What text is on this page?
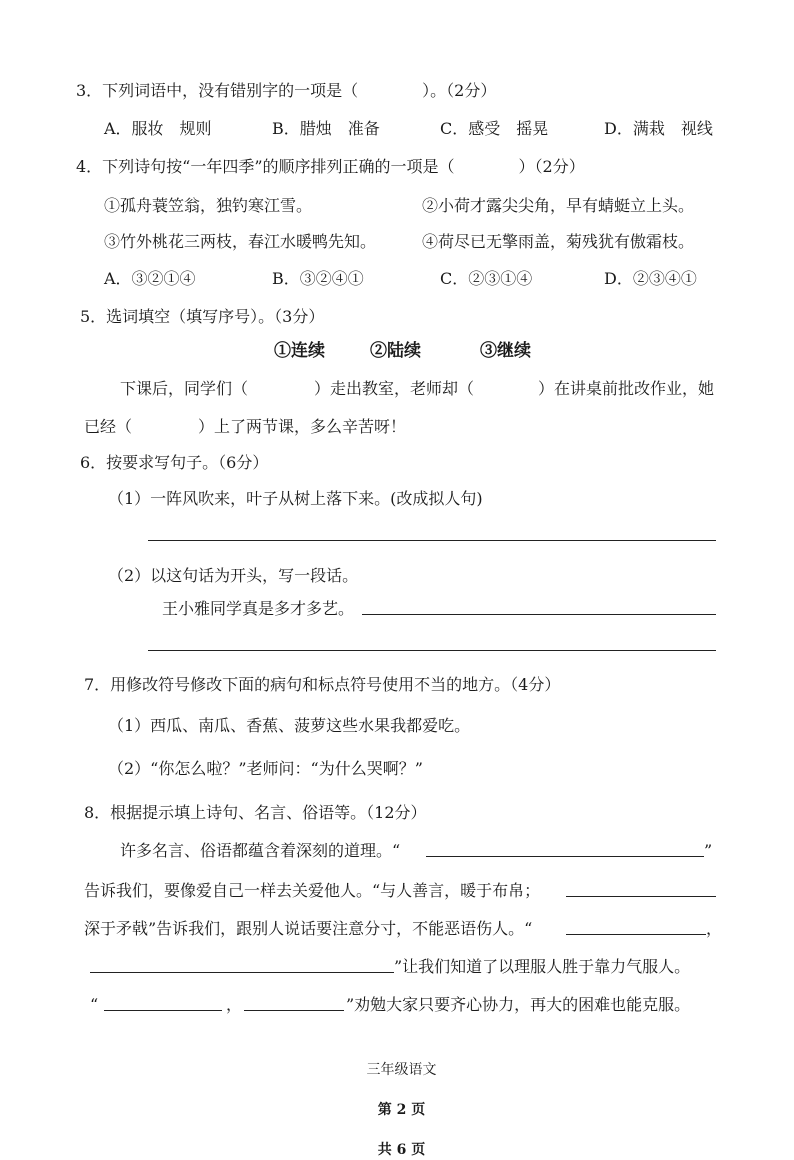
3．下列词语中，没有错别字的一项是（　　　　）。（2分）
A．服妆　规则	B．腊烛　准备	C．感受　摇晃	D．满栽　视线
4．下列诗句按“一年四季”的顺序排列正确的一项是（　　　　）（2分）
①孤舟蓑笠翁，独钓寒江雪。	②小荷才露尖尖角，早有蜻蜓立上头。
③竹外桃花三两枝，春江水暖鸭先知。	④荷尽已无擎雨盖，菊残犹有傲霜枝。
A．③②①④	B．③②④①	C．②③①④	D．②③④①
5．选词填空（填写序号）。（3分）
①连续	②陆续	③继续
下课后，同学们（	）走出教室，老师却（	）在讲桌前批改作业，她
已经（	）上了两节课，多么辛苦呀！
6．按要求写句子。（6分）
（1）一阵风吹来，叶子从树上落下来。(改成拟人句)
（2）以这句话为开头，写一段话。
王小雅同学真是多才多艺。
7．用修改符号修改下面的病句和标点符号使用不当的地方。（4分）
（1）西瓜、南瓜、香蕉、菠萝这些水果我都爱吃。
（2）“你怎么啦？”老师问：“为什么哭啊？”
8．根据提示填上诗句、名言、俗语等。（12分）
许多名言、俗语都蕴含着深刻的道理。“	”
告诉我们，要像爱自己一样去关爱他人。“与人善言，暖于布帛；
深于矛戟”告诉我们，跟别人说话要注意分寸，不能恶语伤人。“	，
”让我们知道了以理服人胜于靠力气服人。
“	，	”劝勉大家只要齐心协力，再大的困难也能克服。

三年级语文

第 2 页

共 6 页
